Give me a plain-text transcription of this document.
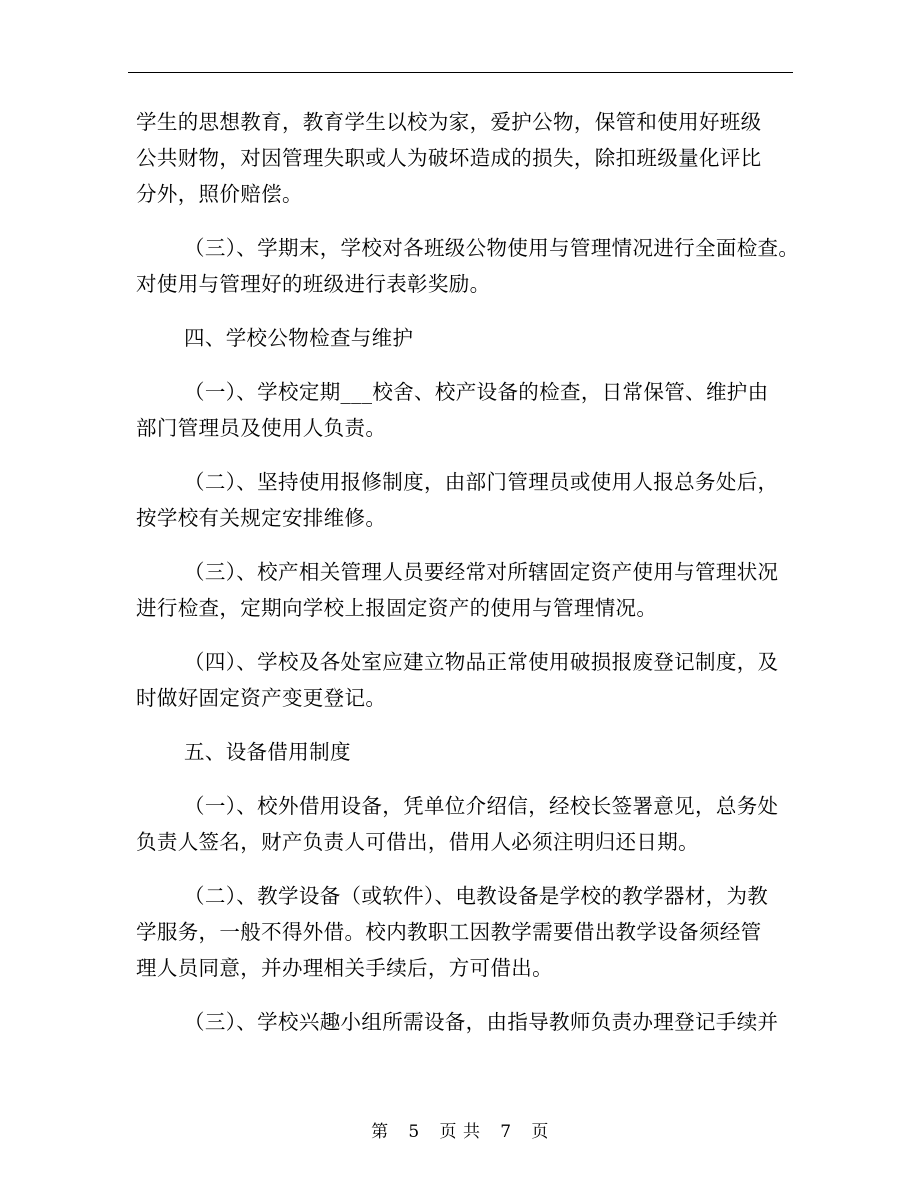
学生的思想教育，教育学生以校为家，爱护公物，保管和使用好班级
公共财物，对因管理失职或人为破坏造成的损失，除扣班级量化评比
分外，照价赔偿。
（三）、学期末，学校对各班级公物使用与管理情况进行全面检查。
对使用与管理好的班级进行表彰奖励。
四、学校公物检查与维护
（一）、学校定期___校舍、校产设备的检查，日常保管、维护由
部门管理员及使用人负责。
（二）、坚持使用报修制度，由部门管理员或使用人报总务处后，
按学校有关规定安排维修。
（三）、校产相关管理人员要经常对所辖固定资产使用与管理状况
进行检查，定期向学校上报固定资产的使用与管理情况。
（四）、学校及各处室应建立物品正常使用破损报废登记制度，及
时做好固定资产变更登记。
五、设备借用制度
（一）、校外借用设备，凭单位介绍信，经校长签署意见，总务处
负责人签名，财产负责人可借出，借用人必须注明归还日期。
（二）、教学设备（或软件）、电教设备是学校的教学器材，为教
学服务，一般不得外借。校内教职工因教学需要借出教学设备须经管
理人员同意，并办理相关手续后，方可借出。
（三）、学校兴趣小组所需设备，由指导教师负责办理登记手续并
第 5 页 共 7 页
